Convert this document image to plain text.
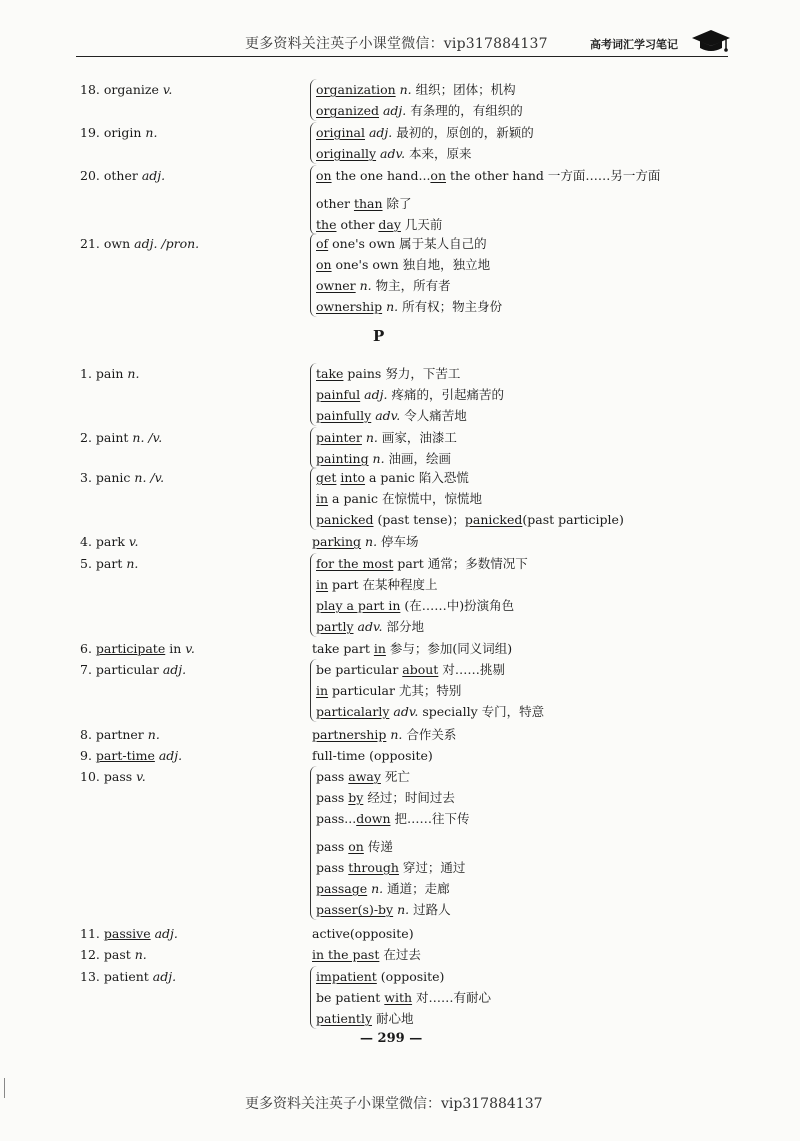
更多资料关注英子小课堂微信：vip317884137	高考词汇学习笔记
18. organize v.	organization n. 组织；团体；机构
organized adj. 有条理的，有组织的
19. origin n.	original adj. 最初的，原创的，新颖的
originally adv. 本来，原来
20. other adj.	on the one hand...on the other hand 一方面……另一方面
other than 除了
the other day 几天前
21. own adj. /pron.	of one's own 属于某人自己的
on one's own 独自地，独立地
owner n. 物主，所有者
ownership n. 所有权；物主身份
1. pain n.	take pains 努力，下苦工
painful adj. 疼痛的，引起痛苦的
painfully adv. 令人痛苦地
2. paint n. /v.	painter n. 画家，油漆工
painting n. 油画，绘画
3. panic n. /v.	get into a panic 陷入恐慌
in a panic 在惊慌中，惊慌地
panicked (past tense)；panicked(past participle)
4. park v.	parking n. 停车场
5. part n.	for the most part 通常；多数情况下
in part 在某种程度上
play a part in (在……中)扮演角色
partly adv. 部分地
6. participate in v.	take part in 参与；参加(同义词组)
7. particular adj.	be particular about 对……挑剔
in particular 尤其；特别
particalarly adv. specially 专门，特意
8. partner n.	partnership n. 合作关系
9. part-time adj.	full-time (opposite)
10. pass v.	pass away 死亡
pass by 经过；时间过去
pass...down 把……往下传
pass on 传递
pass through 穿过；通过
passage n. 通道；走廊
passer(s)-by n. 过路人
11. passive adj.	active(opposite)
12. past n.	in the past 在过去
13. patient adj.	impatient (opposite)
be patient with 对……有耐心
patiently 耐心地
P
— 299 —
更多资料关注英子小课堂微信：vip317884137
